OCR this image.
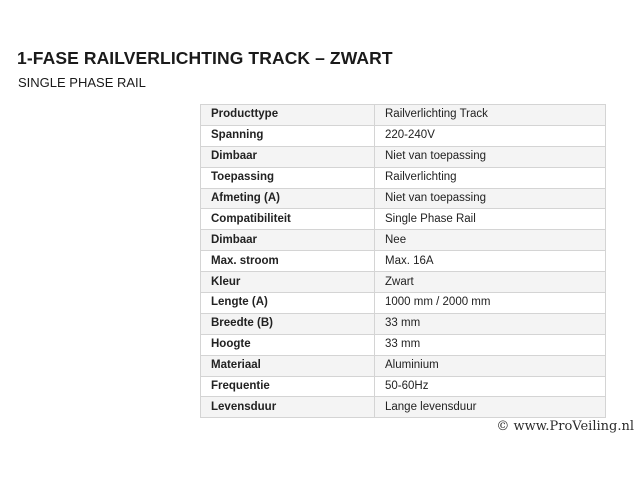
1-FASE RAILVERLICHTING TRACK – ZWART
SINGLE PHASE RAIL
Producttype	Railverlichting Track
Spanning	220-240V
Dimbaar	Niet van toepassing
Toepassing	Railverlichting
Afmeting (A)	Niet van toepassing
Compatibiliteit	Single Phase Rail
Dimbaar	Nee
Max. stroom	Max. 16A
Kleur	Zwart
Lengte (A)	1000 mm / 2000 mm
Breedte (B)	33 mm
Hoogte	33 mm
Materiaal	Aluminium
Frequentie	50-60Hz
Levensduur	Lange levensduur
© www.ProVeiling.nl
